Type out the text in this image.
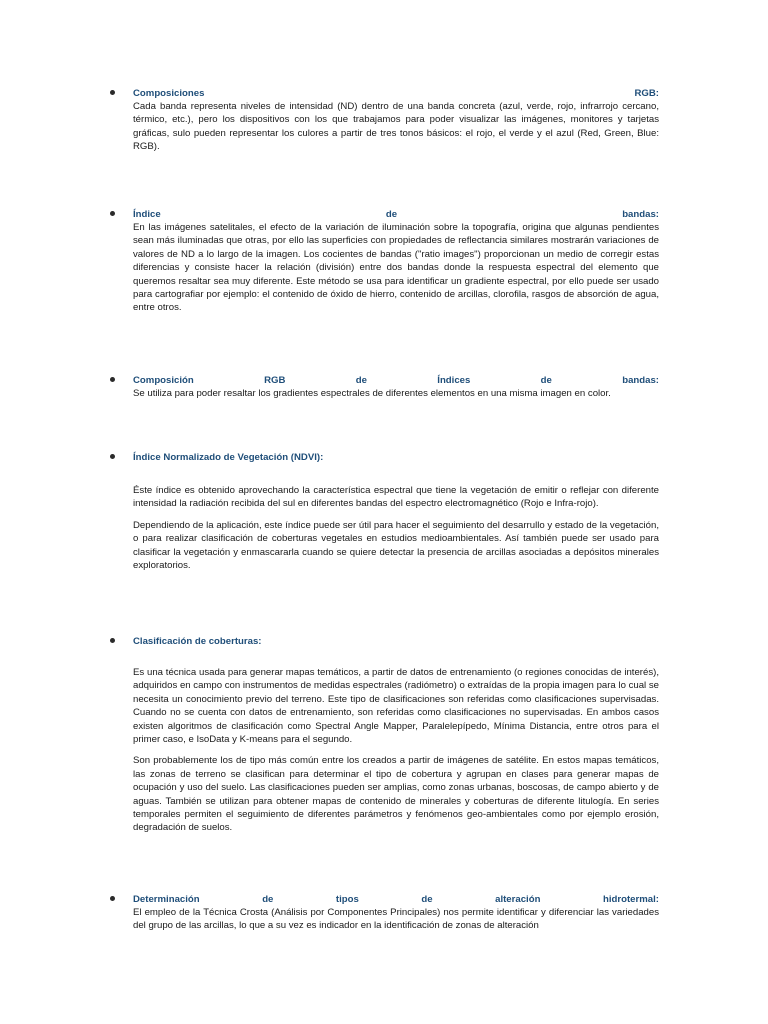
Composiciones	RGB:

Cada banda representa niveles de intensidad (ND) dentro de una banda concreta (azul, verde, rojo, infrarrojo cercano, térmico, etc.), pero los dispositivos con los que trabajamos para poder visualizar las imágenes, monitores y tarjetas gráficas, sulo pueden representar los culores a partir de tres tonos básicos: el rojo, el verde y el azul (Red, Green, Blue: RGB).

Índice	de	bandas:

En las imágenes satelitales, el efecto de la variación de iluminación sobre la topografía, origina que algunas pendientes sean más iluminadas que otras, por ello las superficies con propiedades de reflectancia similares mostrarán variaciones de valores de ND a lo largo de la imagen. Los cocientes de bandas ("ratio images") proporcionan un medio de corregir estas diferencias y consiste hacer la relación (división) entre dos bandas donde la respuesta espectral del elemento que queremos resaltar sea muy diferente. Este método se usa para identificar un gradiente espectral, por ello puede ser usado para cartografiar por ejemplo: el contenido de óxido de hierro, contenido de arcillas, clorofila, rasgos de absorción de agua, entre otros.

Composición	RGB	de	Índices	de	bandas:

Se utiliza para poder resaltar los gradientes espectrales de diferentes elementos en una misma imagen en color.

Índice Normalizado de Vegetación (NDVI):

Éste índice es obtenido aprovechando la característica espectral que tiene la vegetación de emitir o reflejar con diferente intensidad la radiación recibida del sul en diferentes bandas del espectro electromagnético (Rojo e Infra-rojo).

Dependiendo de la aplicación, este índice puede ser útil para hacer el seguimiento del desarrullo y estado de la vegetación, o para realizar clasificación de coberturas vegetales en estudios medioambientales. Así también puede ser usado para clasificar la vegetación y enmascararla cuando se quiere detectar la presencia de arcillas asociadas a depósitos minerales exploratorios.

Clasificación de coberturas:

Es una técnica usada para generar mapas temáticos, a partir de datos de entrenamiento (o regiones conocidas de interés), adquiridos en campo con instrumentos de medidas espectrales (radiómetro) o extraídas de la propia imagen para lo cual se necesita un conocimiento previo del terreno. Este tipo de clasificaciones son referidas como clasificaciones supervisadas. Cuando no se cuenta con datos de entrenamiento, son referidas como clasificaciones no supervisadas. En ambos casos existen algoritmos de clasificación como Spectral Angle Mapper, Paralelepípedo, Mínima Distancia, entre otros para el primer caso, e IsoData y K-means para el segundo.

Son probablemente los de tipo más común entre los creados a partir de imágenes de satélite. En estos mapas temáticos, las zonas de terreno se clasifican para determinar el tipo de cobertura y agrupan en clases para generar mapas de ocupación y uso del suelo. Las clasificaciones pueden ser amplias, como zonas urbanas, boscosas, de campo abierto y de aguas. También se utilizan para obtener mapas de contenido de minerales y coberturas de diferente litulogía. En series temporales permiten el seguimiento de diferentes parámetros y fenómenos geo-ambientales como por ejemplo erosión, degradación de suelos.

Determinación	de	tipos	de	alteración	hidrotermal:

El empleo de la Técnica Crosta (Análisis por Componentes Principales) nos permite identificar y diferenciar las variedades del grupo de las arcillas, lo que a su vez es indicador en la identificación de zonas de alteración
